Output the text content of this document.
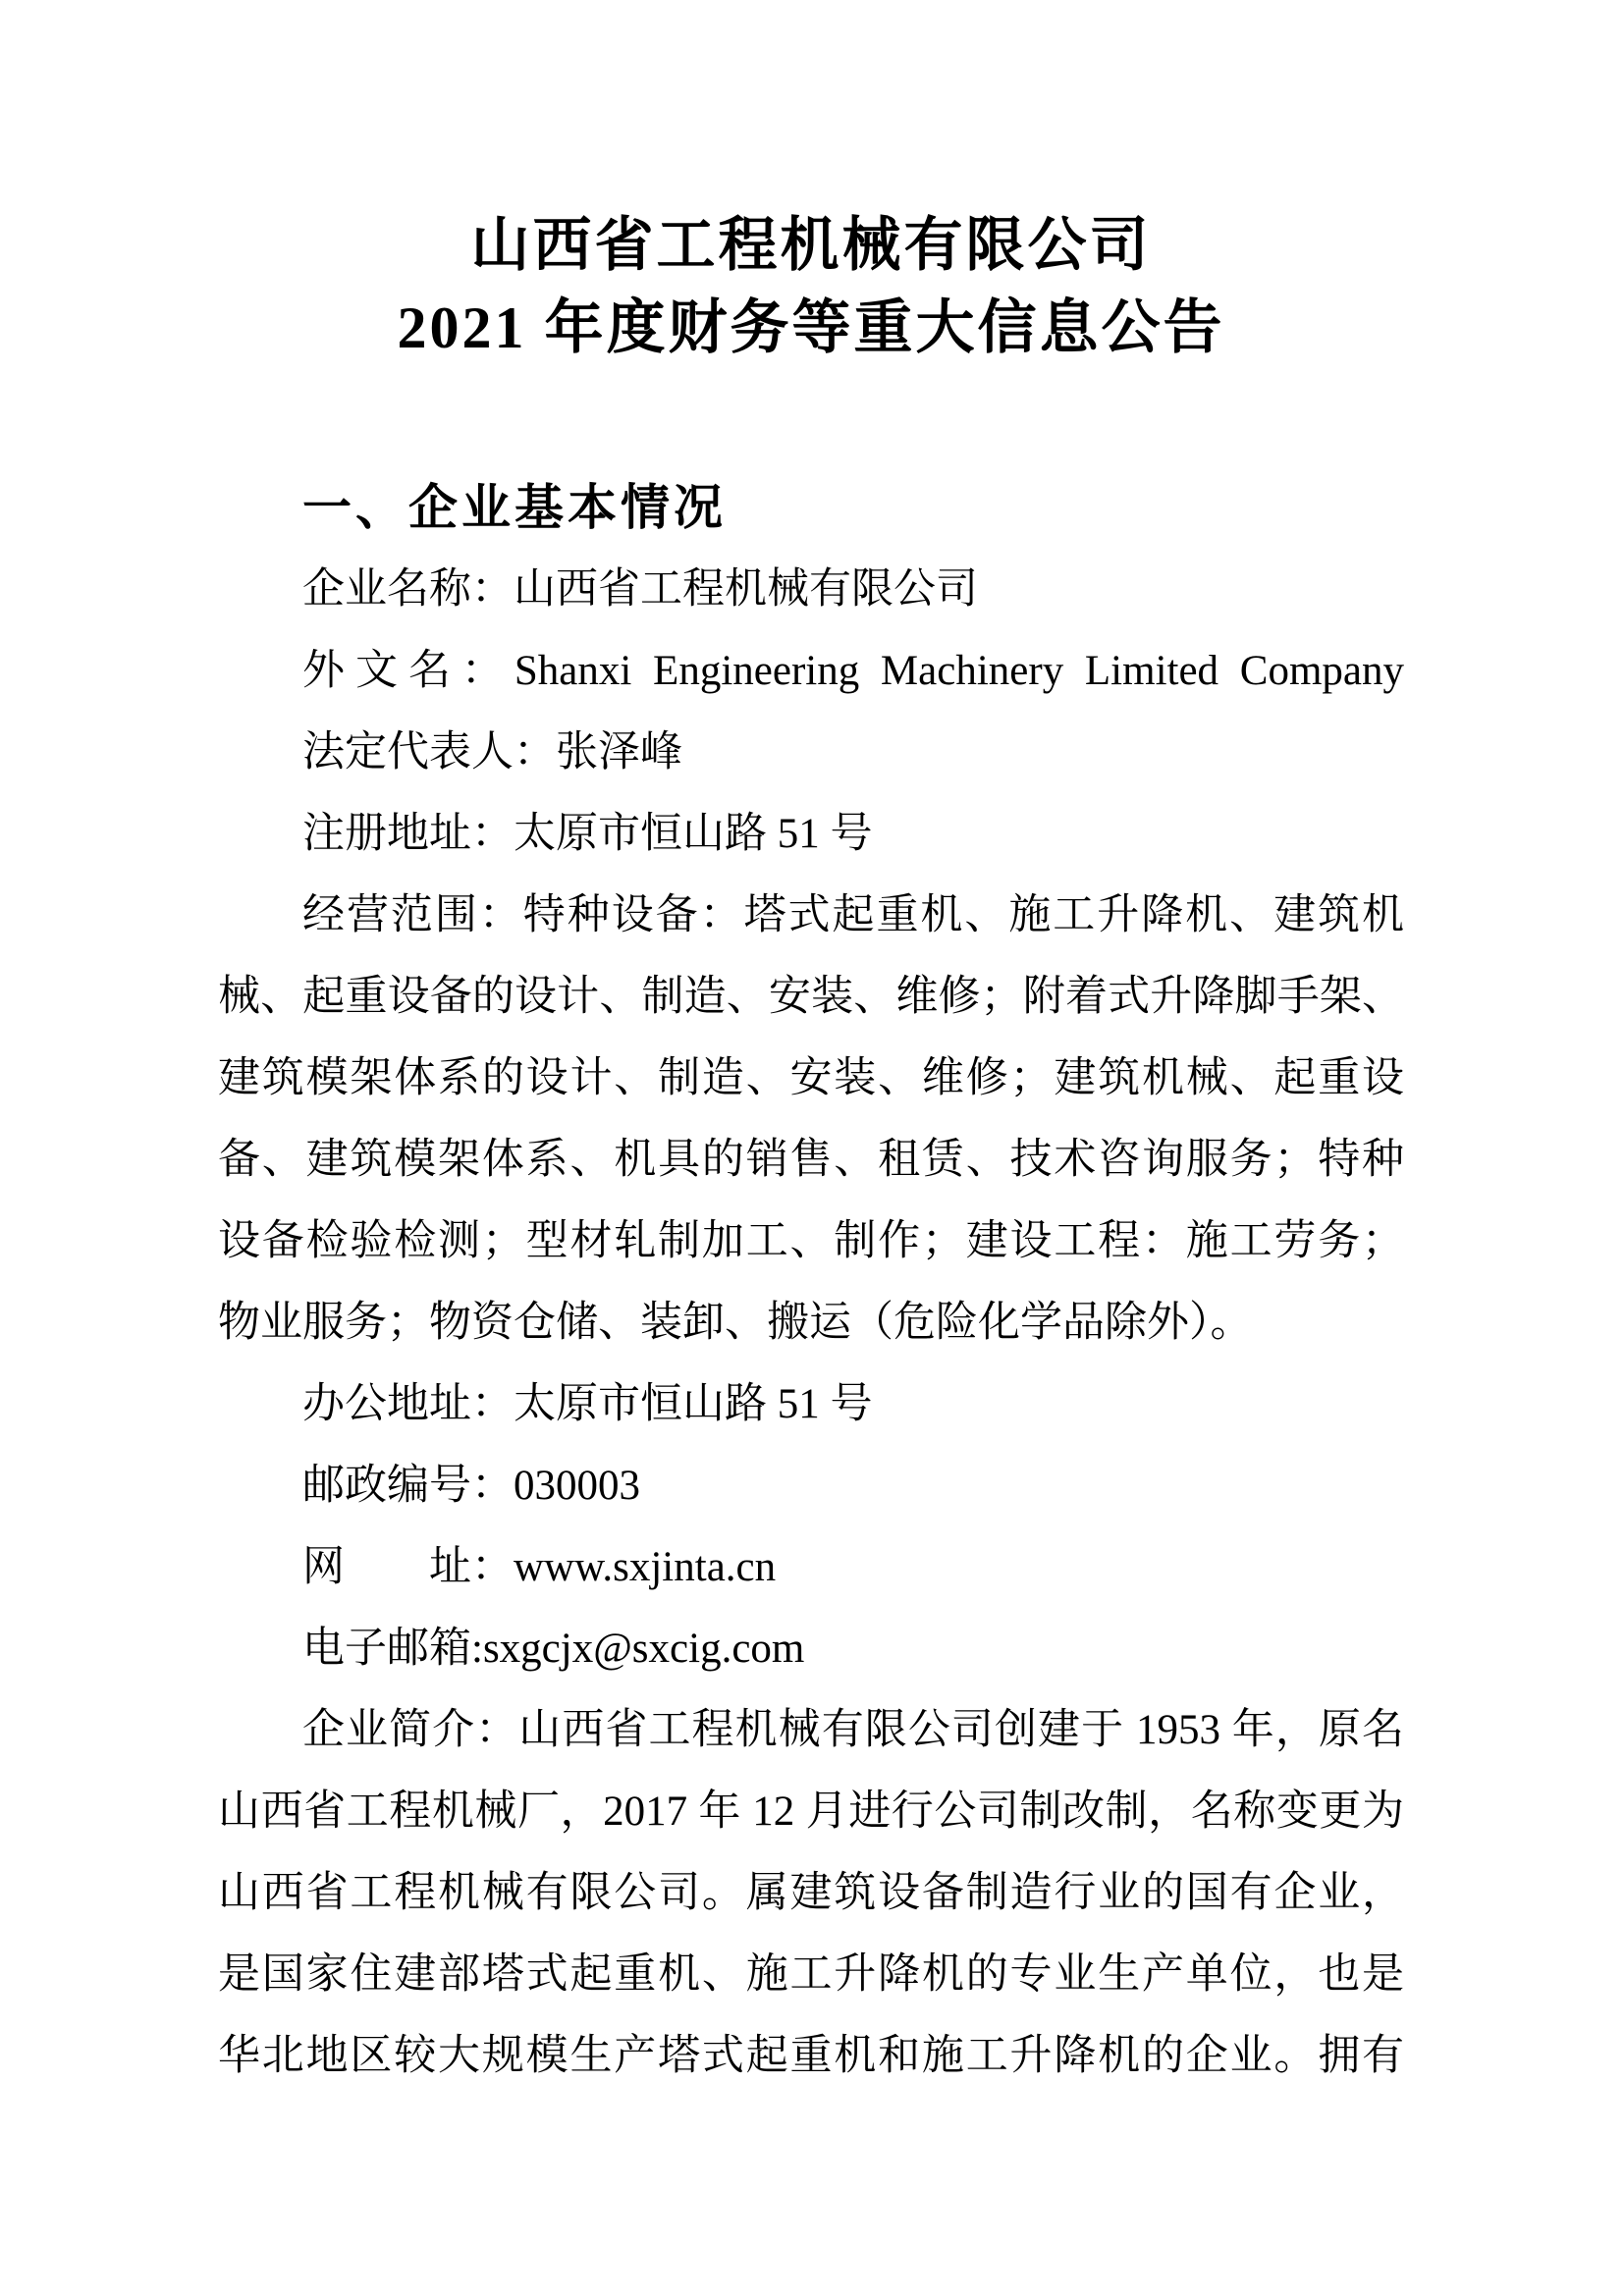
山西省工程机械有限公司
2021 年度财务等重大信息公告
一、企业基本情况
企业名称：山西省工程机械有限公司
外文名：Shanxi Engineering Machinery Limited Company
法定代表人：张泽峰
注册地址：太原市恒山路 51 号
经营范围：特种设备：塔式起重机、施工升降机、建筑机
械、起重设备的设计、制造、安装、维修；附着式升降脚手架、
建筑模架体系的设计、制造、安装、维修；建筑机械、起重设
备、建筑模架体系、机具的销售、租赁、技术咨询服务；特种
设备检验检测；型材轧制加工、制作；建设工程：施工劳务；
物业服务；物资仓储、装卸、搬运（危险化学品除外）。
办公地址：太原市恒山路 51 号
邮政编号：030003
网　　址：www.sxjinta.cn
电子邮箱:sxgcjx@sxcig.com
企业简介：山西省工程机械有限公司创建于 1953 年，原名
山西省工程机械厂，2017 年 12 月进行公司制改制，名称变更为
山西省工程机械有限公司。属建筑设备制造行业的国有企业，
是国家住建部塔式起重机、施工升降机的专业生产单位，也是
华北地区较大规模生产塔式起重机和施工升降机的企业。拥有
